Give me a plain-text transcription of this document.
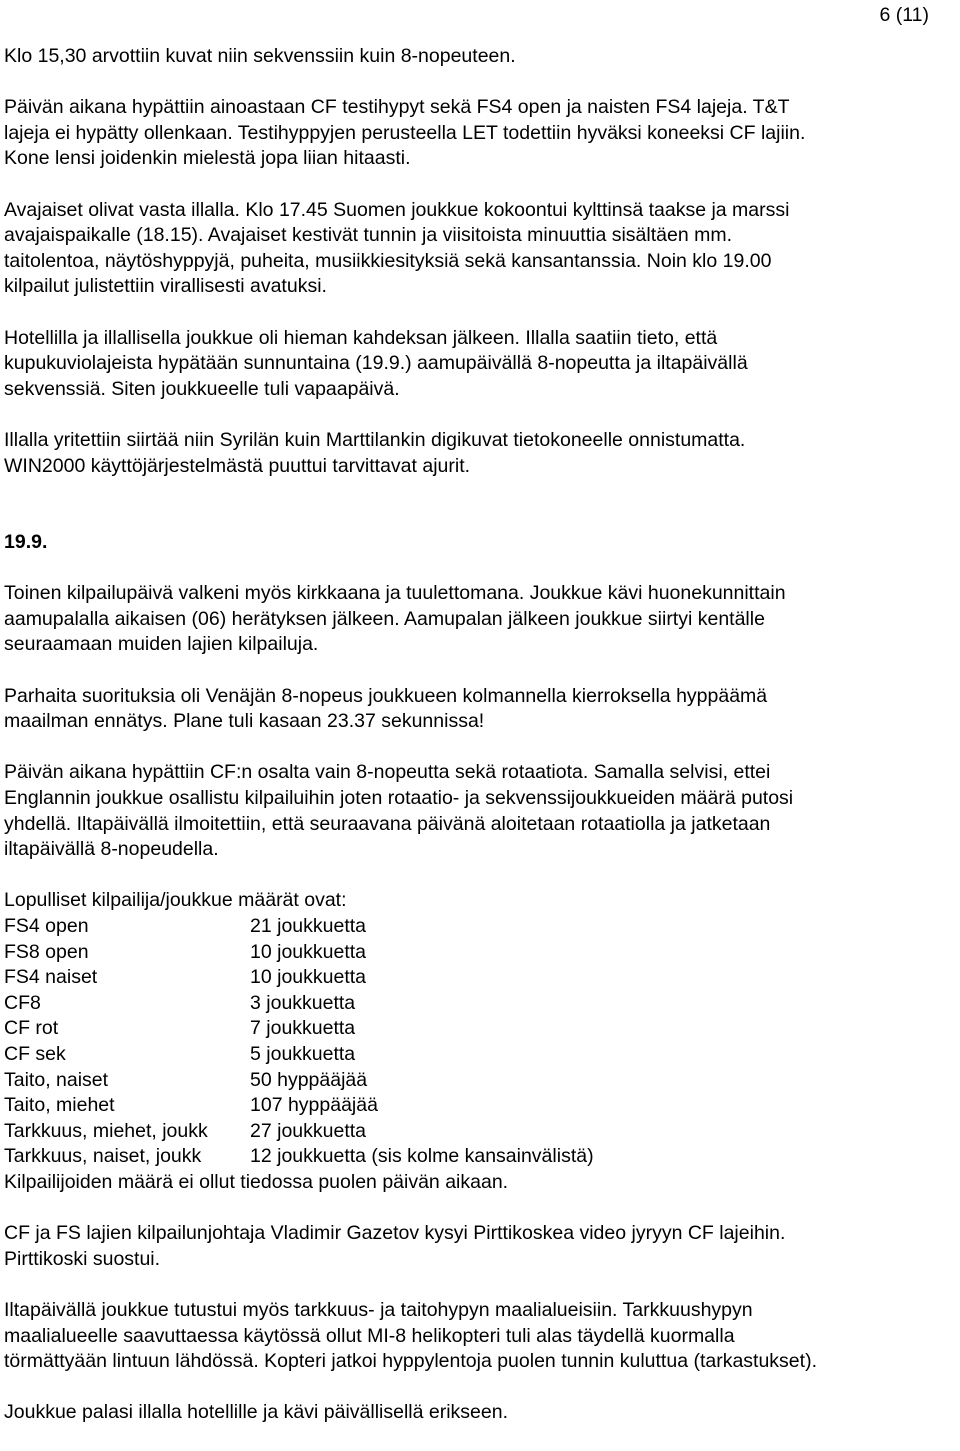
6 (11)

Klo 15,30 arvottiin kuvat niin sekvenssiin kuin 8-nopeuteen.

Päivän aikana hypättiin ainoastaan CF testihypyt sekä FS4 open ja naisten FS4 lajeja. T&T
lajeja ei hypätty ollenkaan. Testihyppyjen perusteella LET todettiin hyväksi koneeksi CF lajiin.
Kone lensi joidenkin mielestä jopa liian hitaasti.

Avajaiset olivat vasta illalla. Klo 17.45 Suomen joukkue kokoontui kylttinsä taakse ja marssi
avajaispaikalle (18.15). Avajaiset kestivät tunnin ja viisitoista minuuttia sisältäen mm.
taitolentoa, näytöshyppyjä, puheita, musiikkiesityksiä sekä kansantanssia. Noin klo 19.00
kilpailut julistettiin virallisesti avatuksi.

Hotellilla ja illallisella joukkue oli hieman kahdeksan jälkeen. Illalla saatiin tieto, että
kupukuviolajeista hypätään sunnuntaina (19.9.) aamupäivällä 8-nopeutta ja iltapäivällä
sekvenssiä. Siten joukkueelle tuli vapaapäivä.

Illalla yritettiin siirtää niin Syrilän kuin Marttilankin digikuvat tietokoneelle onnistumatta.
WIN2000 käyttöjärjestelmästä puuttui tarvittavat ajurit.

19.9.

Toinen kilpailupäivä valkeni myös kirkkaana ja tuulettomana. Joukkue kävi huonekunnittain
aamupalalla aikaisen (06) herätyksen jälkeen. Aamupalan jälkeen joukkue siirtyi kentälle
seuraamaan muiden lajien kilpailuja.

Parhaita suorituksia oli Venäjän 8-nopeus joukkueen kolmannella kierroksella hyppäämä
maailman ennätys. Plane tuli kasaan 23.37 sekunnissa!

Päivän aikana hypättiin CF:n osalta vain 8-nopeutta sekä rotaatiota. Samalla selvisi, ettei
Englannin joukkue osallistu kilpailuihin joten rotaatio- ja sekvenssijoukkueiden määrä putosi
yhdellä. Iltapäivällä ilmoitettiin, että seuraavana päivänä aloitetaan rotaatiolla ja jatketaan
iltapäivällä 8-nopeudella.

Lopulliset kilpailija/joukkue määrät ovat:
FS4 open	21 joukkuetta
FS8 open	10 joukkuetta
FS4 naiset	10 joukkuetta
CF8	3 joukkuetta
CF rot	7 joukkuetta
CF sek	5 joukkuetta
Taito, naiset	50 hyppääjää
Taito, miehet	107 hyppääjää
Tarkkuus, miehet, joukk	27 joukkuetta
Tarkkuus, naiset, joukk	12 joukkuetta (sis kolme kansainvälistä)

Kilpailijoiden määrä ei ollut tiedossa puolen päivän aikaan.

CF ja FS lajien kilpailunjohtaja Vladimir Gazetov kysyi Pirttikoskea video jyryyn CF lajeihin.
Pirttikoski suostui.

Iltapäivällä joukkue tutustui myös tarkkuus- ja taitohypyn maalialueisiin. Tarkkuushypyn
maalialueelle saavuttaessa käytössä ollut MI-8 helikopteri tuli alas täydellä kuormalla
törmättyään lintuun lähdössä. Kopteri jatkoi hyppylentoja puolen tunnin kuluttua (tarkastukset).

Joukkue palasi illalla hotellille ja kävi päivällisellä erikseen.
